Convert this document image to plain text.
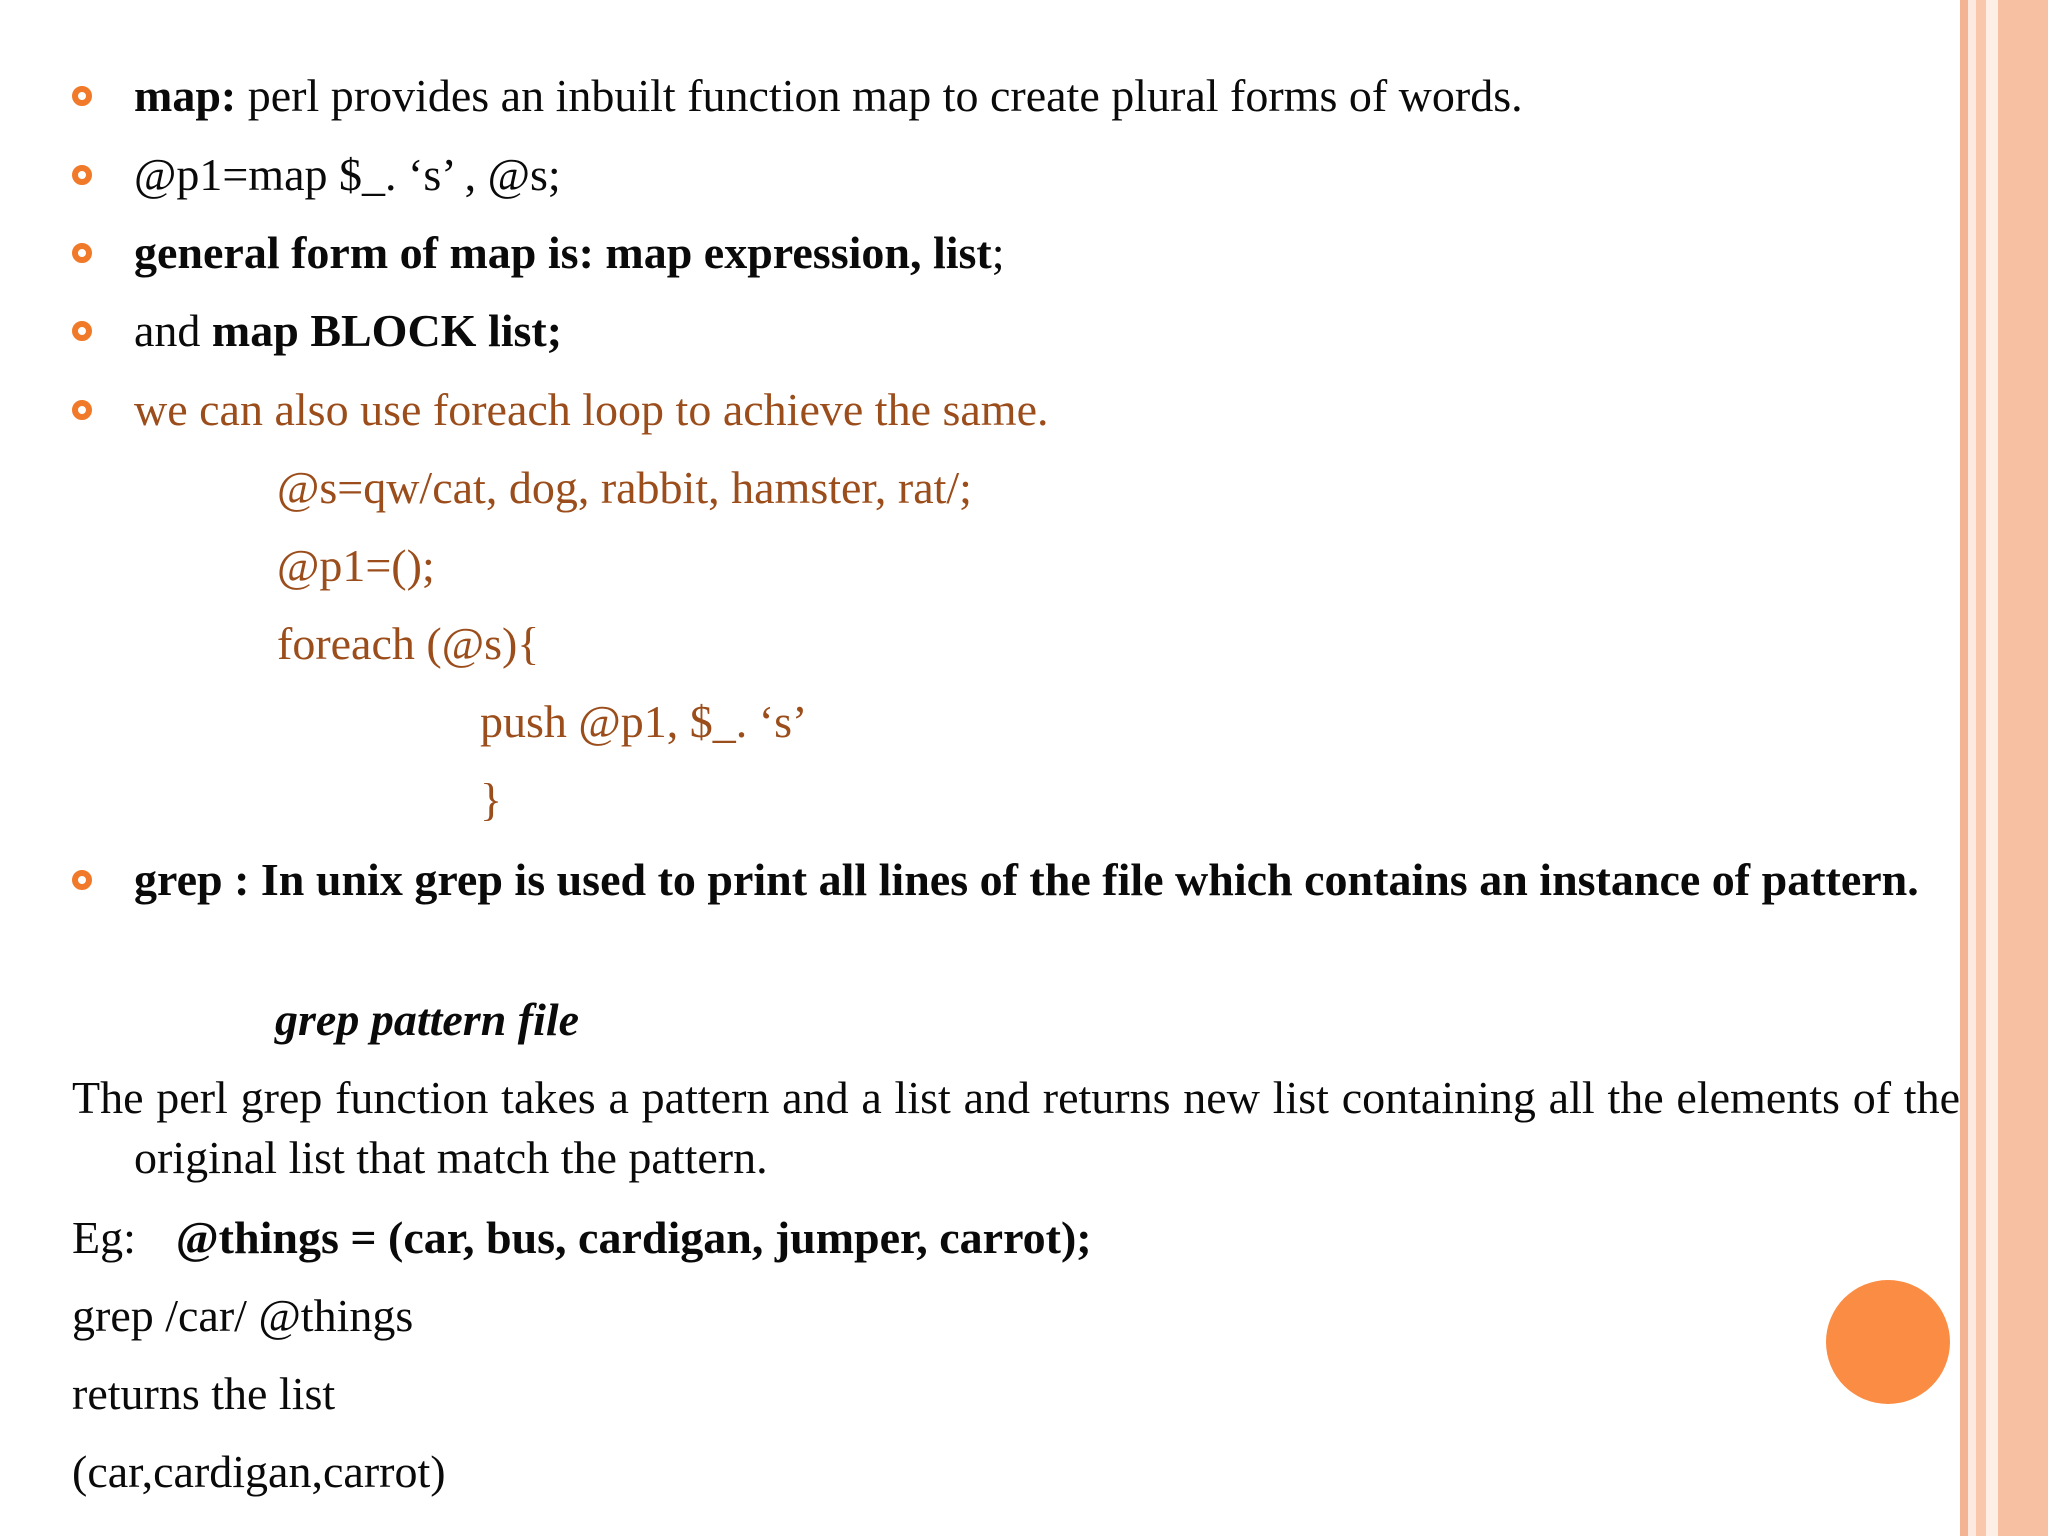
map: perl provides an inbuilt function map to create plural forms of words.
@p1=map $_. ‘s’ , @s;
general form of map is: map expression, list;
and map BLOCK list;
we can also use foreach loop to achieve the same.
@s=qw/cat, dog, rabbit, hamster, rat/;
@p1=();
foreach (@s){
push @p1, $_. ‘s’
}
grep : In unix grep is used to print all lines of the file which contains an instance of pattern.
grep pattern file
The perl grep function takes a pattern and a list and returns new list containing all the elements of the original list that match the pattern.
Eg: @things = (car, bus, cardigan, jumper, carrot);
grep /car/ @things
returns the list
(car,cardigan,carrot)
